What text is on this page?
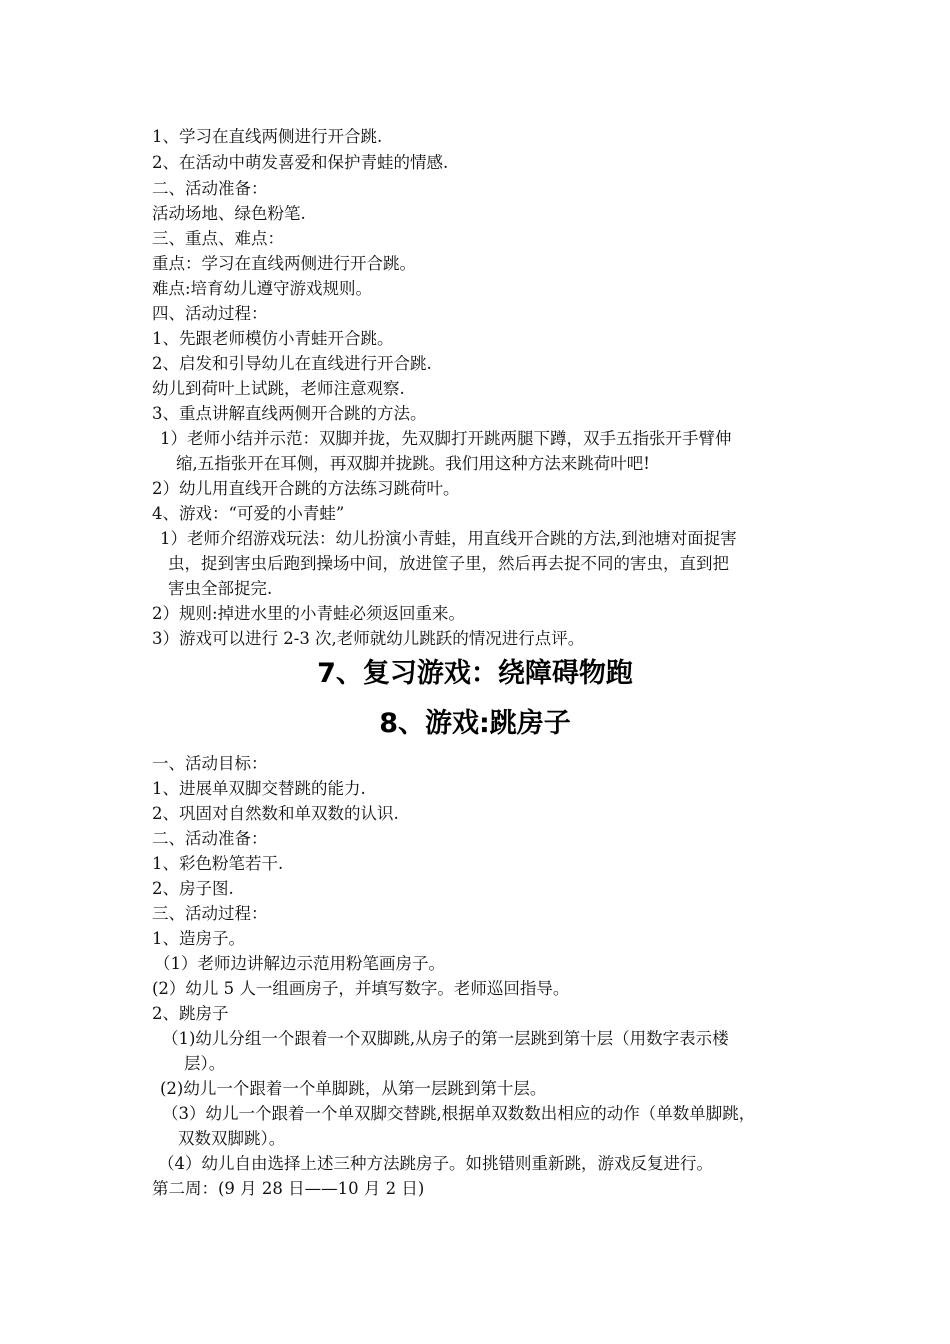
1、学习在直线两侧进行开合跳.
2、在活动中萌发喜爱和保护青蛙的情感.
二、活动准备：
活动场地、绿色粉笔.
三、重点、难点：
重点：学习在直线两侧进行开合跳。
难点:培育幼儿遵守游戏规则。
四、活动过程：
1、先跟老师模仿小青蛙开合跳。
2、启发和引导幼儿在直线进行开合跳.
幼儿到荷叶上试跳，老师注意观察.
3、重点讲解直线两侧开合跳的方法。
1）老师小结并示范：双脚并拢，先双脚打开跳两腿下蹲，双手五指张开手臂伸
缩,五指张开在耳侧，再双脚并拢跳。我们用这种方法来跳荷叶吧!
2）幼儿用直线开合跳的方法练习跳荷叶。
4、游戏：“可爱的小青蛙”
1）老师介绍游戏玩法：幼儿扮演小青蛙，用直线开合跳的方法,到池塘对面捉害
虫，捉到害虫后跑到操场中间，放进筐子里，然后再去捉不同的害虫，直到把
害虫全部捉完.
2）规则:掉进水里的小青蛙必须返回重来。
3）游戏可以进行 2-3 次,老师就幼儿跳跃的情况进行点评。
7、复习游戏：绕障碍物跑
8、游戏:跳房子
一、活动目标：
1、进展单双脚交替跳的能力.
2、巩固对自然数和单双数的认识.
二、活动准备：
1、彩色粉笔若干.
2、房子图.
三、活动过程：
1、造房子。
（1）老师边讲解边示范用粉笔画房子。
(2）幼儿 5 人一组画房子，并填写数字。老师巡回指导。
2、跳房子
（1)幼儿分组一个跟着一个双脚跳,从房子的第一层跳到第十层（用数字表示楼
层）。
(2)幼儿一个跟着一个单脚跳，从第一层跳到第十层。
（3）幼儿一个跟着一个单双脚交替跳,根据单双数数出相应的动作（单数单脚跳，
双数双脚跳）。
（4）幼儿自由选择上述三种方法跳房子。如挑错则重新跳，游戏反复进行。
第二周：(9 月 28 日——10 月 2 日)
